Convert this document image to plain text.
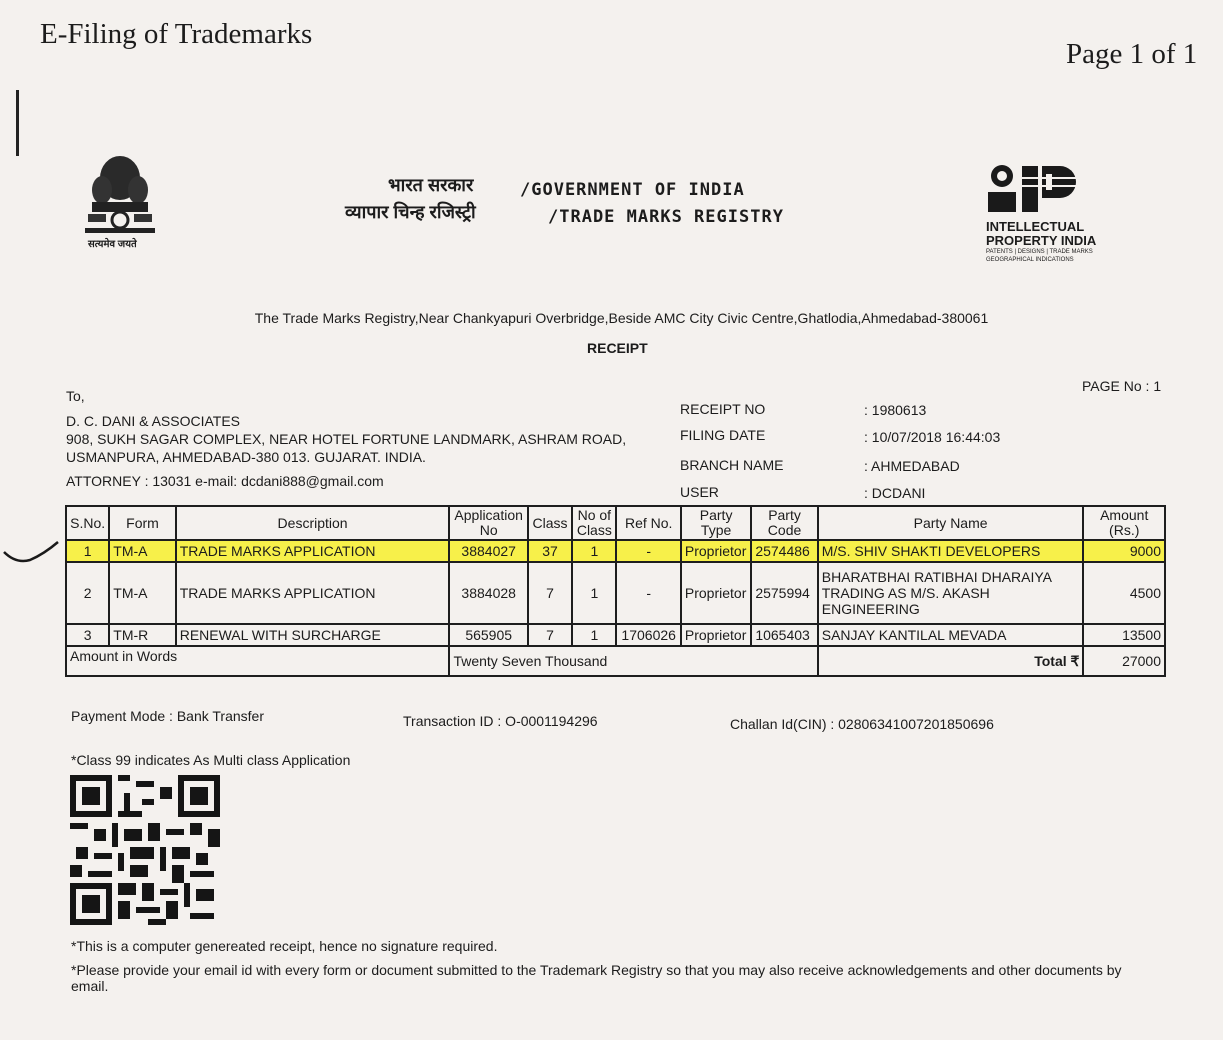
E-Filing of Trademarks
Page 1 of 1
सत्यमेव जयते
भारत सरकार	/GOVERNMENT OF INDIA
व्यापार चिन्ह रजिस्ट्री	/TRADE MARKS REGISTRY	INTELLECTUAL
PROPERTY INDIA
PATENTS | DESIGNS | TRADE MARKS
GEOGRAPHICAL INDICATIONS
The Trade Marks Registry,Near Chankyapuri Overbridge,Beside AMC City Civic Centre,Ghatlodia,Ahmedabad-380061
RECEIPT
PAGE No : 1
To,
D. C. DANI & ASSOCIATES
908, SUKH SAGAR COMPLEX, NEAR HOTEL FORTUNE LANDMARK, ASHRAM ROAD,
USMANPURA, AHMEDABAD-380 013. GUJARAT. INDIA.
ATTORNEY : 13031 e-mail: dcdani888@gmail.com
RECEIPT NO	: 1980613
FILING DATE	: 10/07/2018 16:44:03
BRANCH NAME	: AHMEDABAD
USER	: DCDANI
S.No.	Form	Description	Application No	Class	No of Class	Ref No.	Party Type	Party Code	Party Name	Amount (Rs.)
1	TM-A	TRADE MARKS APPLICATION	3884027	37	1	-	Proprietor	2574486	M/S. SHIV SHAKTI DEVELOPERS	9000
2	TM-A	TRADE MARKS APPLICATION	3884028	7	1	-	Proprietor	2575994	BHARATBHAI RATIBHAI DHARAIYA TRADING AS M/S. AKASH ENGINEERING	4500
3	TM-R	RENEWAL WITH SURCHARGE	565905	7	1	1706026	Proprietor	1065403	SANJAY KANTILAL MEVADA	13500
Amount in Words			Twenty Seven Thousand						Total ₹	27000
Payment Mode : Bank Transfer	Transaction ID : O-0001194296	Challan Id(CIN) : 02806341007201850696
*Class 99 indicates As Multi class Application
*This is a computer genereated receipt, hence no signature required.
*Please provide your email id with every form or document submitted to the Trademark Registry so that you may also receive acknowledgements and other documents by email.
